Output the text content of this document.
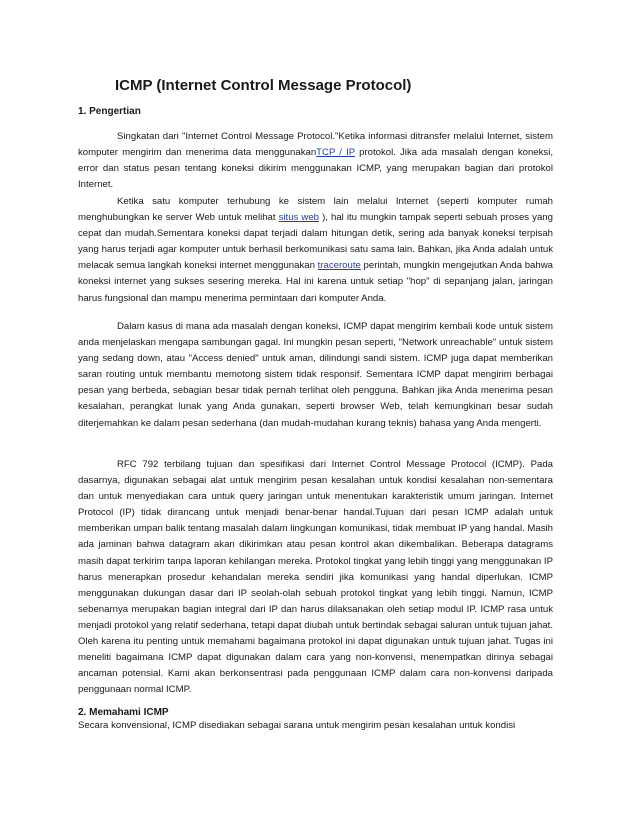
ICMP (Internet Control Message Protocol)

1. Pengertian

Singkatan dari "Internet Control Message Protocol."Ketika informasi ditransfer melalui Internet, sistem komputer mengirim dan menerima data menggunakanTCP / IP protokol. Jika ada masalah dengan koneksi, error dan status pesan tentang koneksi dikirim menggunakan ICMP, yang merupakan bagian dari protokol Internet.

Ketika satu komputer terhubung ke sistem lain melalui Internet (seperti komputer rumah menghubungkan ke server Web untuk melihat situs web ), hal itu mungkin tampak seperti sebuah proses yang cepat dan mudah.Sementara koneksi dapat terjadi dalam hitungan detik, sering ada banyak koneksi terpisah yang harus terjadi agar komputer untuk berhasil berkomunikasi satu sama lain. Bahkan, jika Anda adalah untuk melacak semua langkah koneksi internet menggunakan traceroute perintah, mungkin mengejutkan Anda bahwa koneksi internet yang sukses sesering mereka. Hal ini karena untuk setiap "hop" di sepanjang jalan, jaringan harus fungsional dan mampu menerima permintaan dari komputer Anda.

Dalam kasus di mana ada masalah dengan koneksi, ICMP dapat mengirim kembali kode untuk sistem anda menjelaskan mengapa sambungan gagal. Ini mungkin pesan seperti, "Network unreachable" untuk sistem yang sedang down, atau "Access denied" untuk aman, dilindungi sandi sistem. ICMP juga dapat memberikan saran routing untuk membantu memotong sistem tidak responsif. Sementara ICMP dapat mengirim berbagai pesan yang berbeda, sebagian besar tidak pernah terlihat oleh pengguna. Bahkan jika Anda menerima pesan kesalahan, perangkat lunak yang Anda gunakan, seperti browser Web, telah kemungkinan besar sudah diterjemahkan ke dalam pesan sederhana (dan mudah-mudahan kurang teknis) bahasa yang Anda mengerti.

RFC 792 terbilang tujuan dan spesifikasi dari Internet Control Message Protocol (ICMP). Pada dasarnya, digunakan sebagai alat untuk mengirim pesan kesalahan untuk kondisi kesalahan non-sementara dan untuk menyediakan cara untuk query jaringan untuk menentukan karakteristik umum jaringan. Internet Protocol (IP) tidak dirancang untuk menjadi benar-benar handal.Tujuan dari pesan ICMP adalah untuk memberikan umpan balik tentang masalah dalam lingkungan komunikasi, tidak membuat IP yang handal. Masih ada jaminan bahwa datagram akan dikirimkan atau pesan kontrol akan dikembalikan. Beberapa datagrams masih dapat terkirim tanpa laporan kehilangan mereka. Protokol tingkat yang lebih tinggi yang menggunakan IP harus menerapkan prosedur kehandalan mereka sendiri jika komunikasi yang handal diperlukan. ICMP menggunakan dukungan dasar dari IP seolah-olah sebuah protokol tingkat yang lebih tinggi. Namun, ICMP sebenarnya merupakan bagian integral dari IP dan harus dilaksanakan oleh setiap modul IP. ICMP rasa untuk menjadi protokol yang relatif sederhana, tetapi dapat diubah untuk bertindak sebagai saluran untuk tujuan jahat. Oleh karena itu penting untuk memahami bagaimana protokol ini dapat digunakan untuk tujuan jahat. Tugas ini meneliti bagaimana ICMP dapat digunakan dalam cara yang non-konvensi, menempatkan dirinya sebagai ancaman potensial. Kami akan berkonsentrasi pada penggunaan ICMP dalam cara non-konvensi daripada penggunaan normal ICMP.

2. Memahami ICMP

Secara konvensional, ICMP disediakan sebagai sarana untuk mengirim pesan kesalahan untuk kondisi
